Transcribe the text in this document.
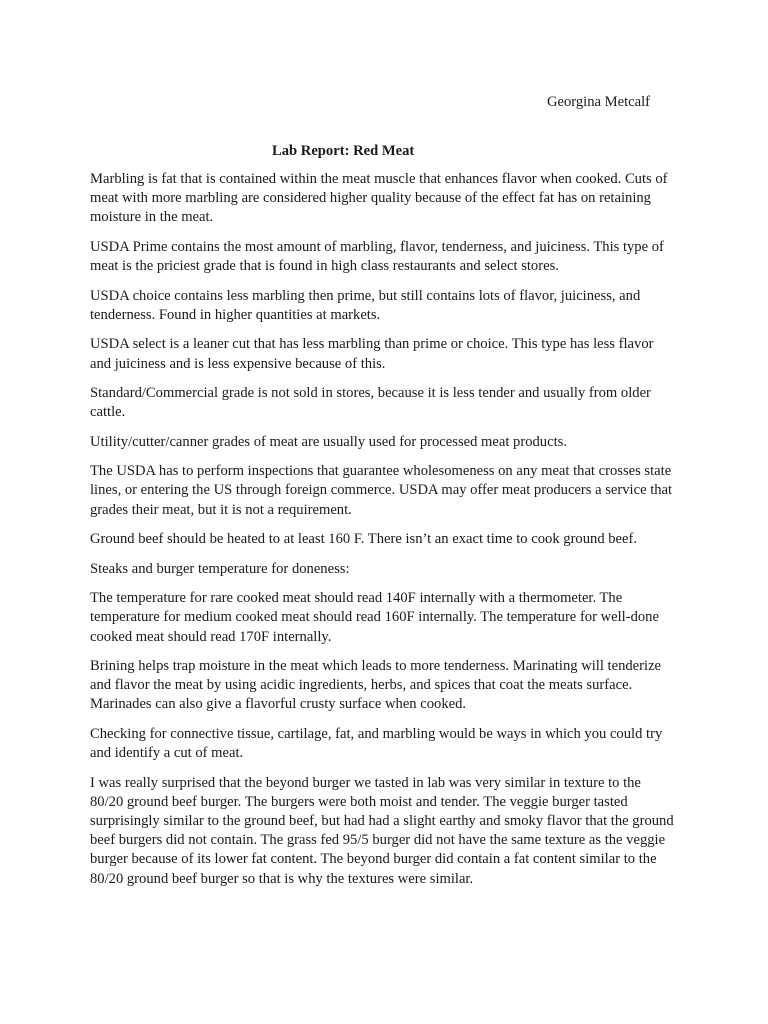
Georgina Metcalf

Lab Report: Red Meat

Marbling is fat that is contained within the meat muscle that enhances flavor when cooked. Cuts of meat with more marbling are considered higher quality because of the effect fat has on retaining moisture in the meat.

USDA Prime contains the most amount of marbling, flavor, tenderness, and juiciness. This type of meat is the priciest grade that is found in high class restaurants and select stores.

USDA choice contains less marbling then prime, but still contains lots of flavor, juiciness, and tenderness. Found in higher quantities at markets.

USDA select is a leaner cut that has less marbling than prime or choice. This type has less flavor and juiciness and is less expensive because of this.

Standard/Commercial grade is not sold in stores, because it is less tender and usually from older cattle.

Utility/cutter/canner grades of meat are usually used for processed meat products.

The USDA has to perform inspections that guarantee wholesomeness on any meat that crosses state lines, or entering the US through foreign commerce. USDA may offer meat producers a service that grades their meat, but it is not a requirement.

Ground beef should be heated to at least 160 F. There isn’t an exact time to cook ground beef.

Steaks and burger temperature for doneness:

The temperature for rare cooked meat should read 140F internally with a thermometer. The temperature for medium cooked meat should read 160F internally. The temperature for well-done cooked meat should read 170F internally.

Brining helps trap moisture in the meat which leads to more tenderness. Marinating will tenderize and flavor the meat by using acidic ingredients, herbs, and spices that coat the meats surface. Marinades can also give a flavorful crusty surface when cooked.

Checking for connective tissue, cartilage, fat, and marbling would be ways in which you could try and identify a cut of meat.

I was really surprised that the beyond burger we tasted in lab was very similar in texture to the 80/20 ground beef burger. The burgers were both moist and tender. The veggie burger tasted surprisingly similar to the ground beef, but had had a slight earthy and smoky flavor that the ground beef burgers did not contain. The grass fed 95/5 burger did not have the same texture as the veggie burger because of its lower fat content. The beyond burger did contain a fat content similar to the 80/20 ground beef burger so that is why the textures were similar.
